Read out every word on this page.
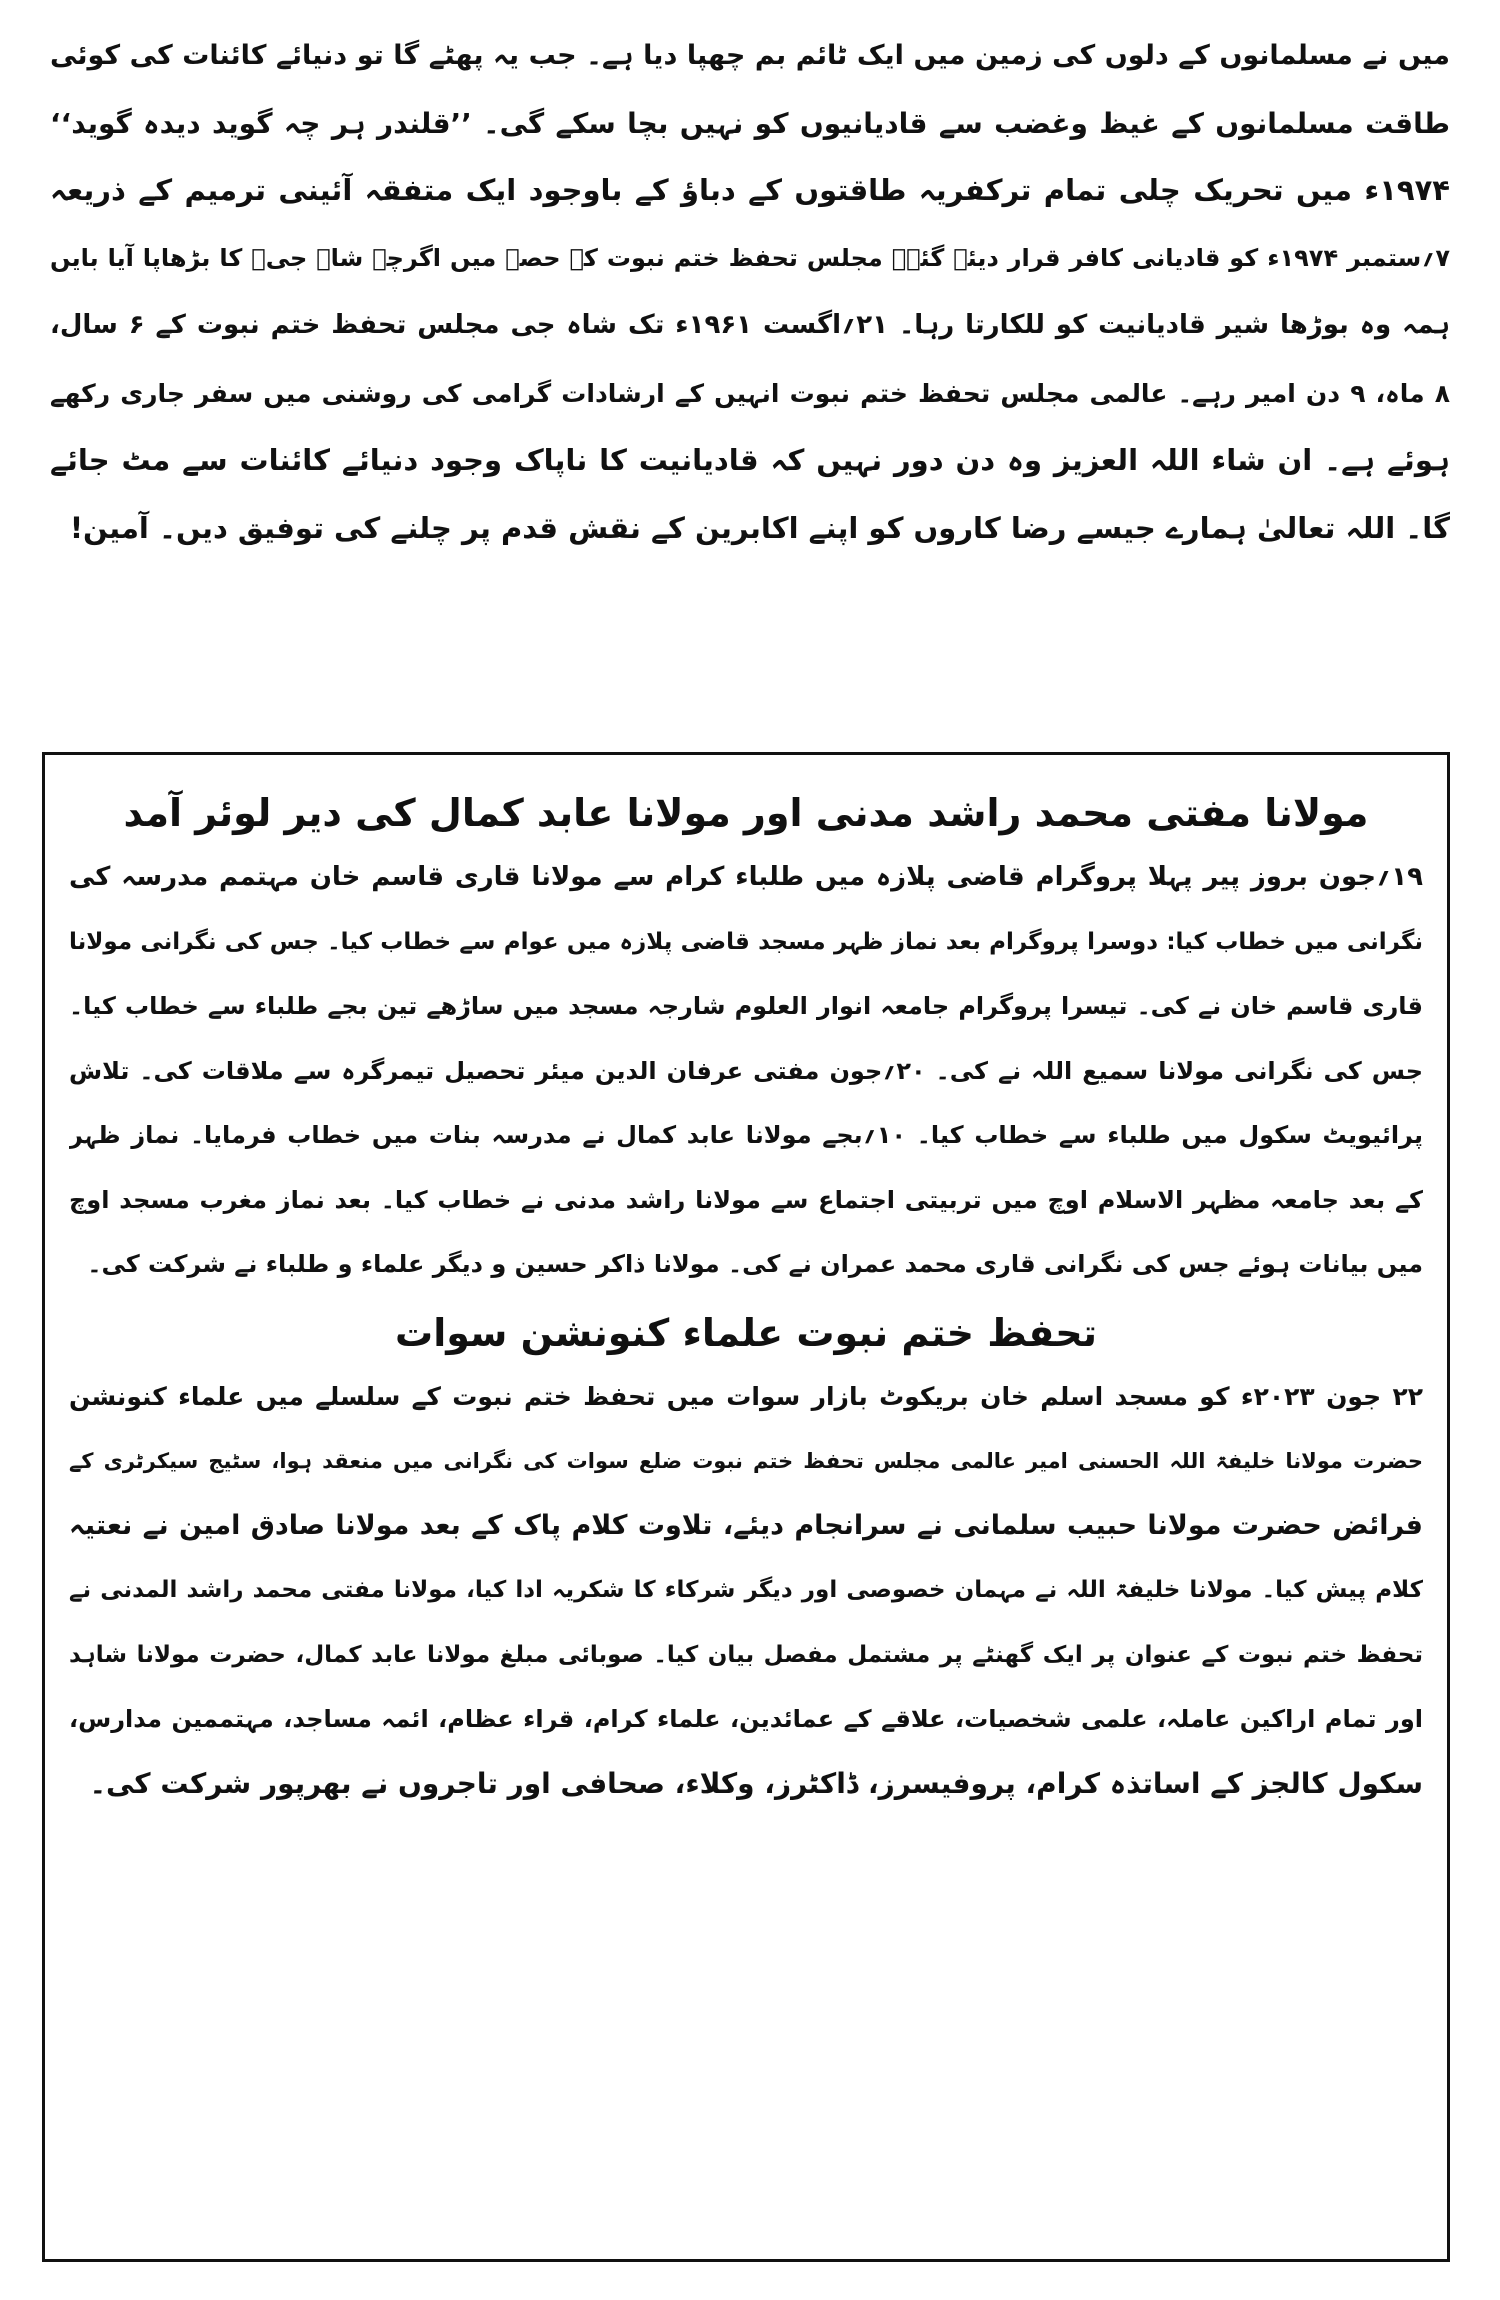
میں نے مسلمانوں کے دلوں کی زمین میں ایک ٹائم بم چھپا دیا ہے۔ جب یہ پھٹے گا تو دنیائے کائنات کی کوئی
طاقت مسلمانوں کے غیظ وغضب سے قادیانیوں کو نہیں بچا سکے گی۔ ’’قلندر ہر چہ گوید دیدہ گوید‘‘
۱۹۷۴ء میں تحریک چلی تمام ترکفریہ طاقتوں کے دباؤ کے باوجود ایک متفقہ آئینی ترمیم کے ذریعہ
۷؍ستمبر ۱۹۷۴ء کو قادیانی کافر قرار دیئے گئے۔ مجلس تحفظ ختم نبوت کے حصہ میں اگرچہ شاہ جیؒ کا بڑھاپا آیا بایں
ہمہ وہ بوڑھا شیر قادیانیت کو للکارتا رہا۔ ۲۱؍اگست ۱۹۶۱ء تک شاہ جی مجلس تحفظ ختم نبوت کے ۶ سال،
۸ ماہ، ۹ دن امیر رہے۔ عالمی مجلس تحفظ ختم نبوت انہیں کے ارشادات گرامی کی روشنی میں سفر جاری رکھے
ہوئے ہے۔ ان شاء اللہ العزیز وہ دن دور نہیں کہ قادیانیت کا ناپاک وجود دنیائے کائنات سے مٹ جائے
گا۔ اللہ تعالیٰ ہمارے جیسے رضا کاروں کو اپنے اکابرین کے نقش قدم پر چلنے کی توفیق دیں۔ آمین!
مولانا مفتی محمد راشد مدنی اور مولانا عابد کمال کی دیر لوئر آمد
۱۹؍جون بروز پیر پہلا پروگرام قاضی پلازہ میں طلباء کرام سے مولانا قاری قاسم خان مہتمم مدرسہ کی
نگرانی میں خطاب کیا: دوسرا پروگرام بعد نماز ظہر مسجد قاضی پلازہ میں عوام سے خطاب کیا۔ جس کی نگرانی مولانا
قاری قاسم خان نے کی۔ تیسرا پروگرام جامعہ انوار العلوم شارجہ مسجد میں ساڑھے تین بجے طلباء سے خطاب کیا۔
جس کی نگرانی مولانا سمیع اللہ نے کی۔ ۲۰؍جون مفتی عرفان الدین میئر تحصیل تیمرگرہ سے ملاقات کی۔ تلاش
پرائیویٹ سکول میں طلباء سے خطاب کیا۔ ۱۰؍بجے مولانا عابد کمال نے مدرسہ بنات میں خطاب فرمایا۔ نماز ظہر
کے بعد جامعہ مظہر الاسلام اوچ میں تربیتی اجتماع سے مولانا راشد مدنی نے خطاب کیا۔ بعد نماز مغرب مسجد اوچ
میں بیانات ہوئے جس کی نگرانی قاری محمد عمران نے کی۔ مولانا ذاکر حسین و دیگر علماء و طلباء نے شرکت کی۔
تحفظ ختم نبوت علماء کنونشن سوات
۲۲ جون ۲۰۲۳ء کو مسجد اسلم خان بریکوٹ بازار سوات میں تحفظ ختم نبوت کے سلسلے میں علماء کنونشن
حضرت مولانا خلیفۃ اللہ الحسنی امیر عالمی مجلس تحفظ ختم نبوت ضلع سوات کی نگرانی میں منعقد ہوا، سٹیج سیکرٹری کے
فرائض حضرت مولانا حبیب سلمانی نے سرانجام دیئے، تلاوت کلام پاک کے بعد مولانا صادق امین نے نعتیہ
کلام پیش کیا۔ مولانا خلیفۃ اللہ نے مہمان خصوصی اور دیگر شرکاء کا شکریہ ادا کیا، مولانا مفتی محمد راشد المدنی نے
تحفظ ختم نبوت کے عنوان پر ایک گھنٹے پر مشتمل مفصل بیان کیا۔ صوبائی مبلغ مولانا عابد کمال، حضرت مولانا شاہد
اور تمام اراکین عاملہ، علمی شخصیات، علاقے کے عمائدین، علماء کرام، قراء عظام، ائمہ مساجد، مہتممین مدارس،
سکول کالجز کے اساتذہ کرام، پروفیسرز، ڈاکٹرز، وکلاء، صحافی اور تاجروں نے بھرپور شرکت کی۔
